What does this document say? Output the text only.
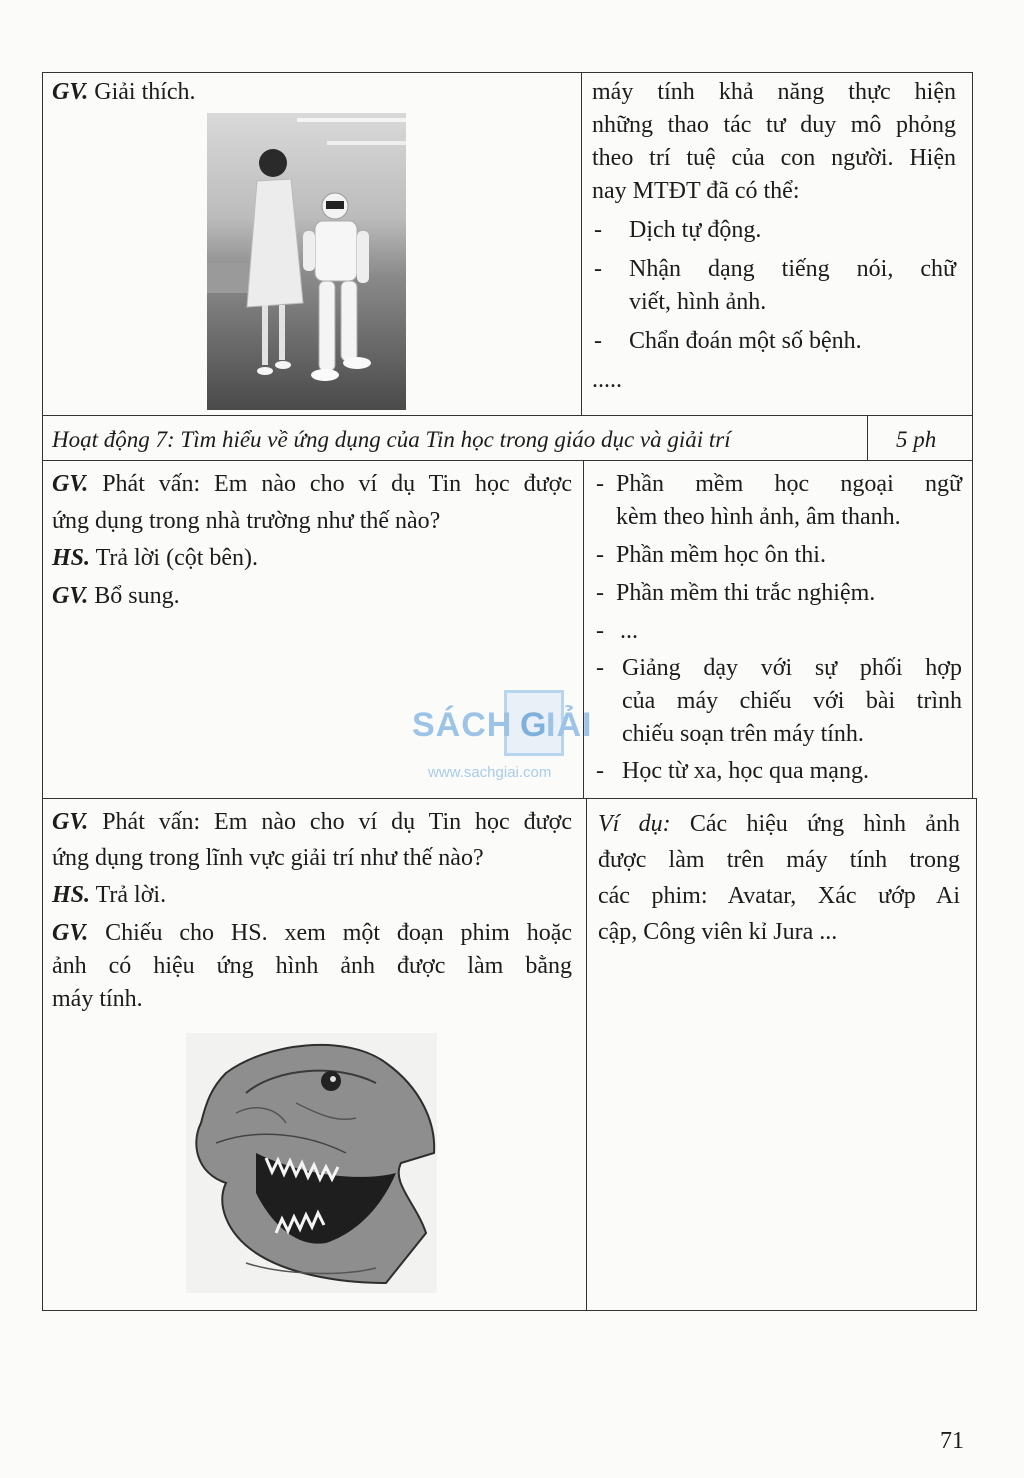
GV. Giải thích.	máy tính khả năng thực hiện

những thao tác tư duy mô phỏng

theo trí tuệ của con người. Hiện

nay MTĐT đã có thể:

- Dịch tự động.

- Nhận dạng tiếng nói, chữ

viết, hình ảnh.

- Chẩn đoán một số bệnh.

.....

Hoạt động 7: Tìm hiểu về ứng dụng của Tin học trong giáo dục và giải trí	5 ph

GV. Phát vấn: Em nào cho ví dụ Tin học được

ứng dụng trong nhà trường như thế nào?

HS. Trả lời (cột bên).

GV. Bổ sung.

- Phần mềm học ngoại ngữ

kèm theo hình ảnh, âm thanh.

- Phần mềm học ôn thi.

- Phần mềm thi trắc nghiệm.

- ...

- Giảng dạy với sự phối hợp

của máy chiếu với bài trình

chiếu soạn trên máy tính.

- Học từ xa, học qua mạng.

SÁCH G
IẢI
www.sachgiai.com

GV. Phát vấn: Em nào cho ví dụ Tin học được

ứng dụng trong lĩnh vực giải trí như thế nào?

HS. Trả lời.

GV. Chiếu cho HS. xem một đoạn phim hoặc

ảnh có hiệu ứng hình ảnh được làm bằng

máy tính.

Ví dụ: Các hiệu ứng hình ảnh

được làm trên máy tính trong

các phim: Avatar, Xác ướp Ai

cập, Công viên kỉ Jura ...

71
